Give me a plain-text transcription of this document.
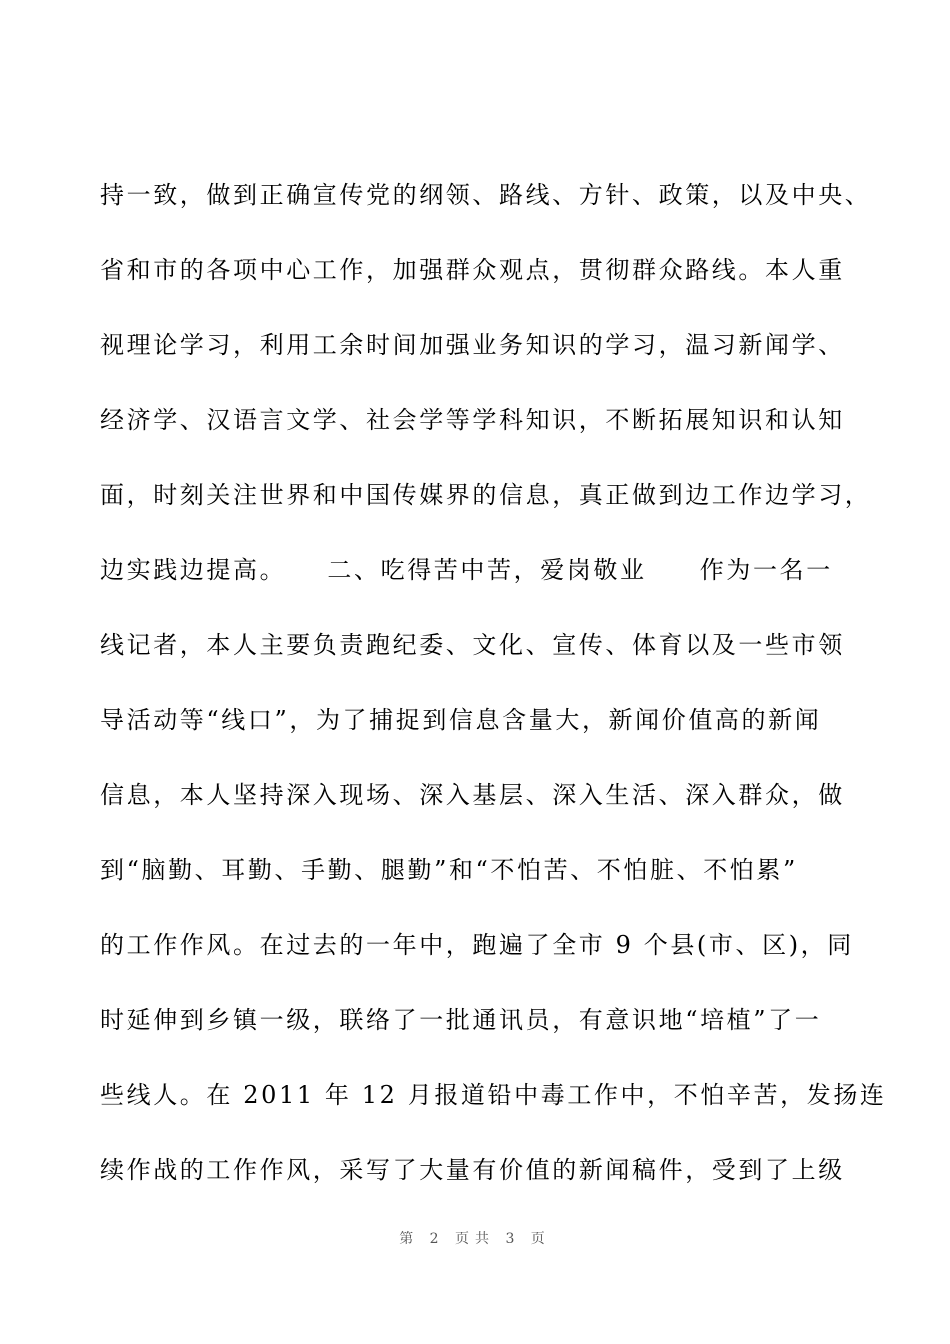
持一致，做到正确宣传党的纲领、路线、方针、政策，以及中央、
省和市的各项中心工作，加强群众观点，贯彻群众路线。本人重
视理论学习，利用工余时间加强业务知识的学习，温习新闻学、
经济学、汉语言文学、社会学等学科知识，不断拓展知识和认知
面，时刻关注世界和中国传媒界的信息，真正做到边工作边学习，
边实践边提高。　　二、吃得苦中苦，爱岗敬业　　作为一名一
线记者，本人主要负责跑纪委、文化、宣传、体育以及一些市领
导活动等“线口”，为了捕捉到信息含量大，新闻价值高的新闻
信息，本人坚持深入现场、深入基层、深入生活、深入群众，做
到“脑勤、耳勤、手勤、腿勤”和“不怕苦、不怕脏、不怕累”
的工作作风。在过去的一年中，跑遍了全市 9 个县(市、区)，同
时延伸到乡镇一级，联络了一批通讯员，有意识地“培植”了一
些线人。在 2011 年 12 月报道铅中毒工作中，不怕辛苦，发扬连
续作战的工作作风，采写了大量有价值的新闻稿件，受到了上级
第 2 页共 3 页
